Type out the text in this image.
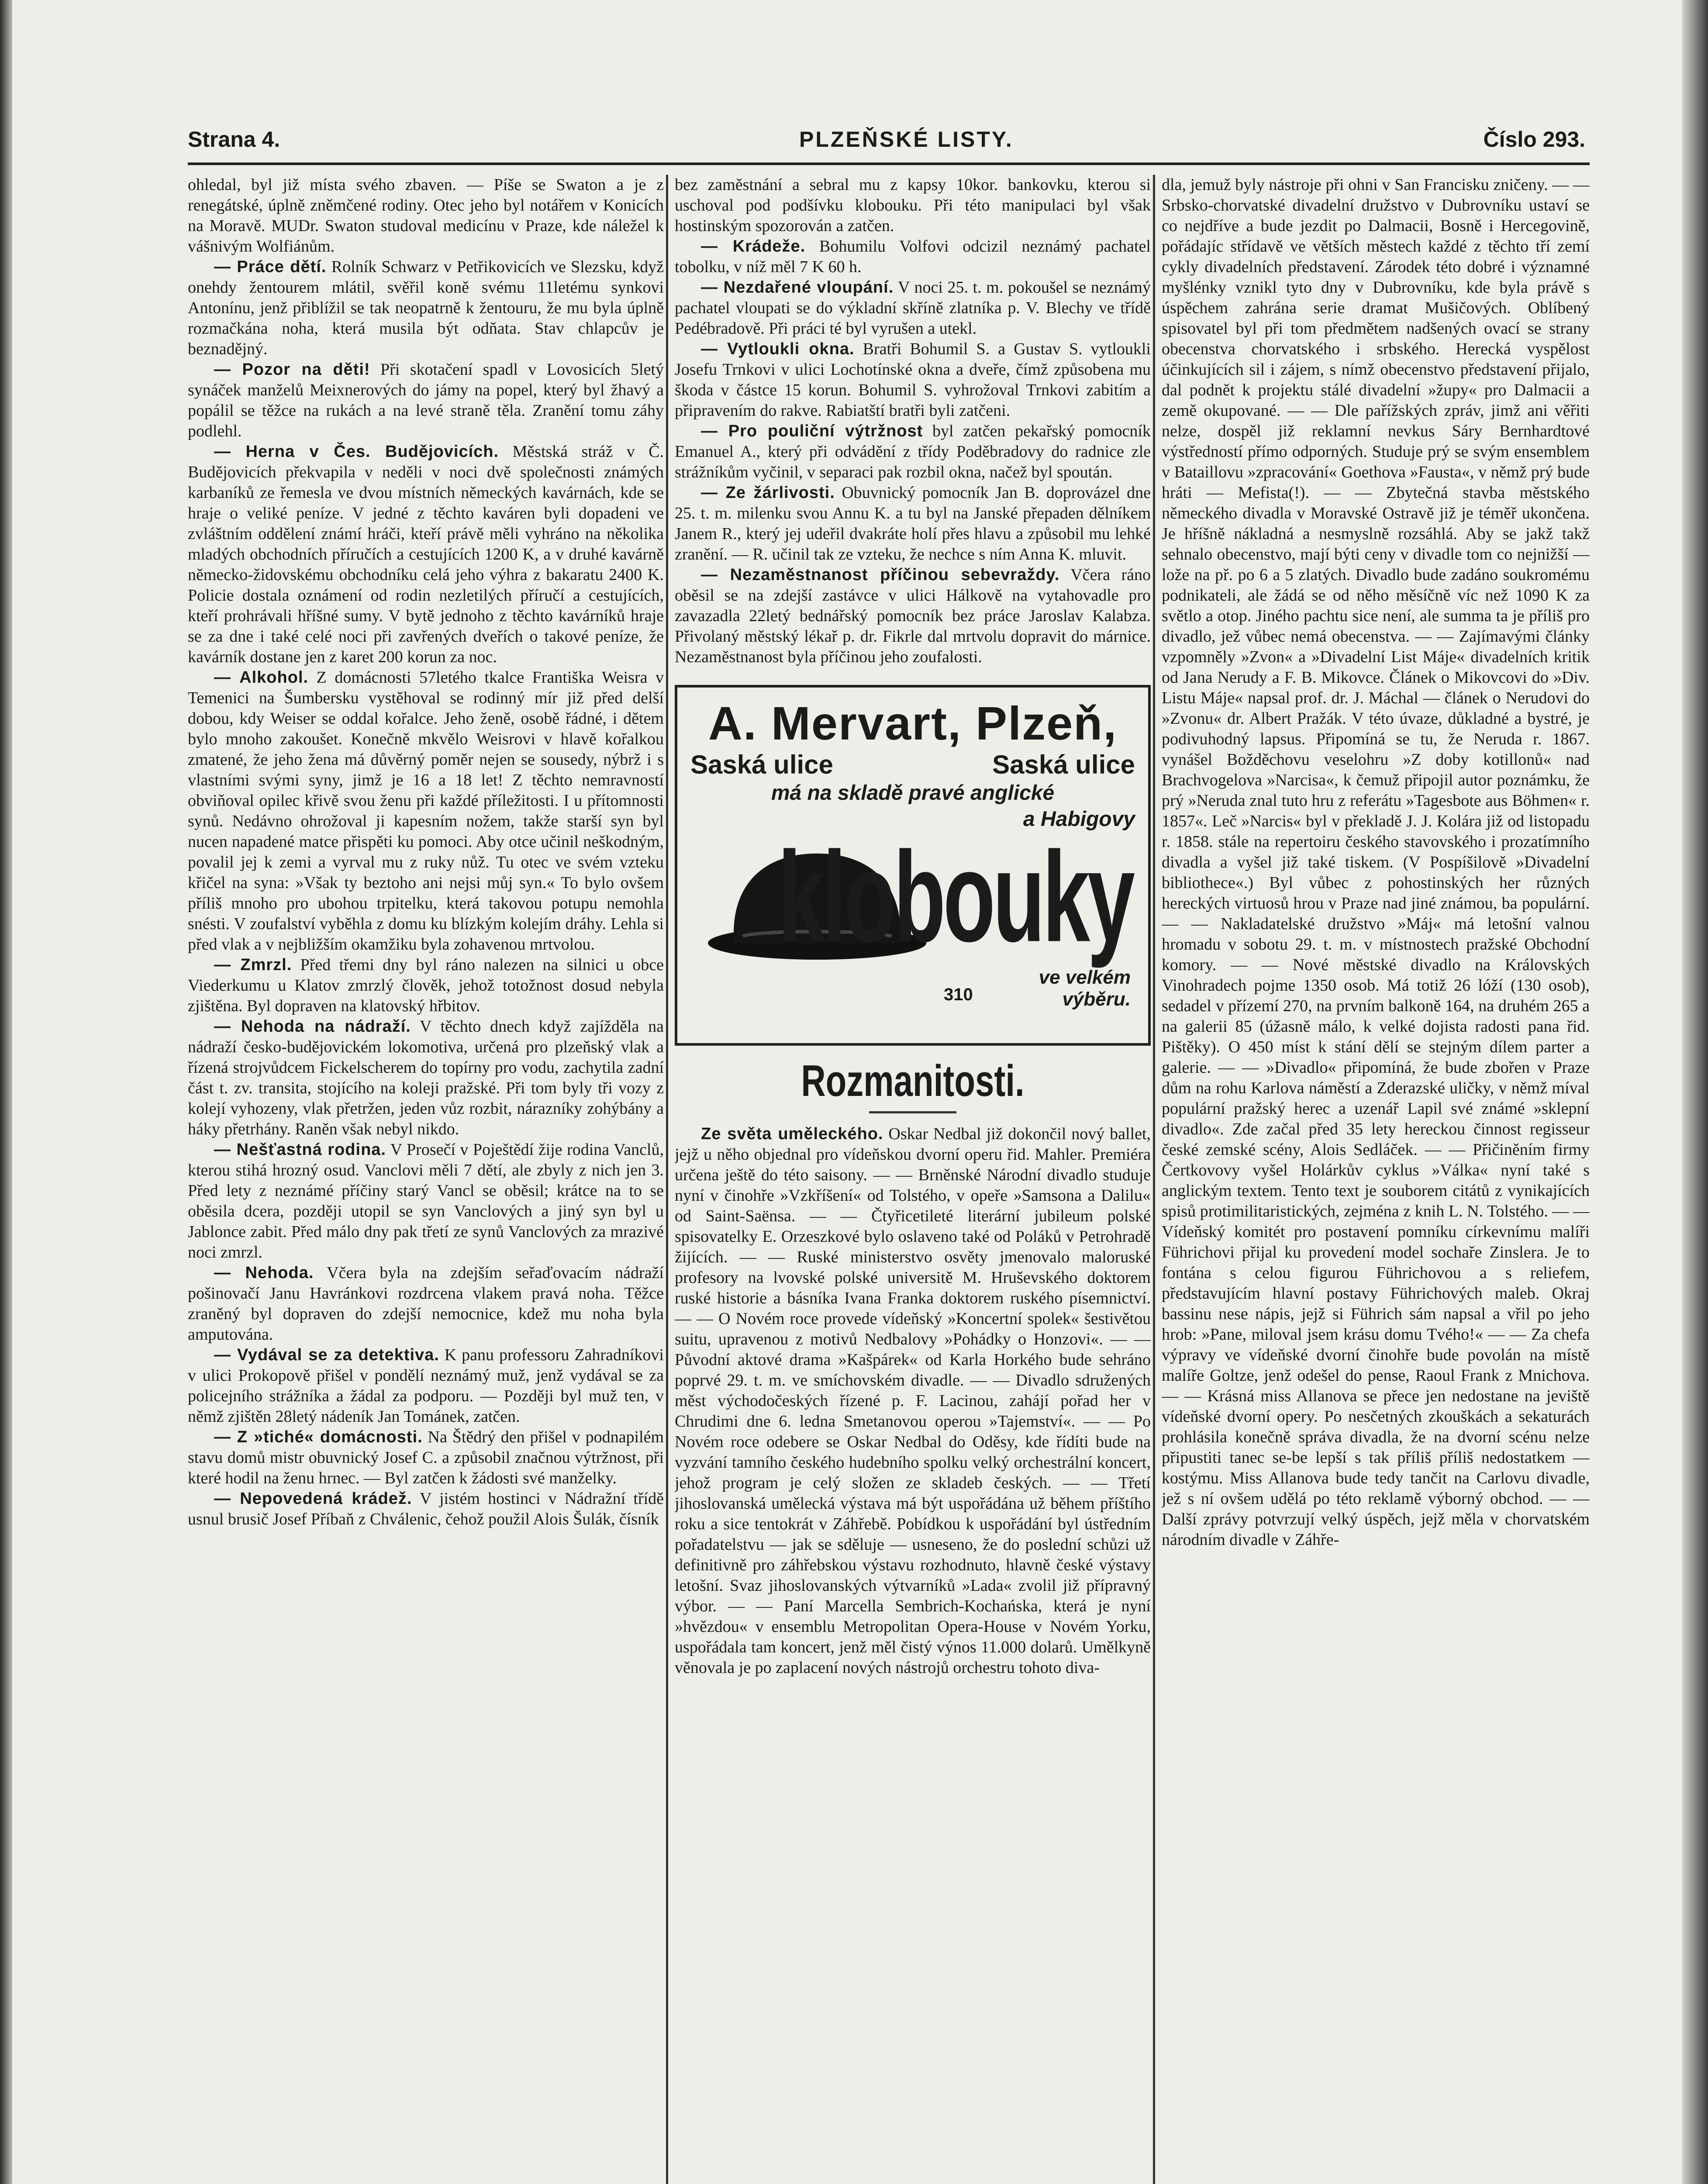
Strana 4.	PLZEŇSKÉ LISTY.	Číslo 293.

ohledal, byl již místa svého zbaven. — Píše se Swaton a je z renegátské, úplně zněmčené rodiny. Otec jeho byl notářem v Konicích na Moravě. MUDr. Swaton studoval medicínu v Praze, kde náležel k vášnivým Wolfiánům.

— Práce dětí. Rolník Schwarz v Petřikovicích ve Slezsku, když onehdy žentourem mlátil, svěřil koně svému 11letému synkovi Antonínu, jenž přiblížil se tak neopatrně k žentouru, že mu byla úplně rozmačkána noha, která musila být odňata. Stav chlapcův je beznadějný.

— Pozor na děti! Při skotačení spadl v Lovosicích 5letý synáček manželů Meixnerových do jámy na popel, který byl žhavý a popálil se těžce na rukách a na levé straně těla. Zranění tomu záhy podlehl.

— Herna v Čes. Budějovicích. Městská stráž v Č. Budějovicích překvapila v neděli v noci dvě společnosti známých karbaníků ze řemesla ve dvou místních německých kavárnách, kde se hraje o veliké peníze. V jedné z těchto kaváren byli dopadeni ve zvláštním oddělení známí hráči, kteří právě měli vyhráno na několika mladých obchodních příručích a cestujících 1200 K, a v druhé kavárně německo-židovskému obchodníku celá jeho výhra z bakaratu 2400 K. Policie dostala oznámení od rodin nezletilých příručí a cestujících, kteří prohrávali hříšné sumy. V bytě jednoho z těchto kavárníků hraje se za dne i také celé noci při zavřených dveřích o takové peníze, že kavárník dostane jen z karet 200 korun za noc.

— Alkohol. Z domácnosti 57letého tkalce Františka Weisra v Temenici na Šumbersku vystěhoval se rodinný mír již před delší dobou, kdy Weiser se oddal kořalce. Jeho ženě, osobě řádné, i dětem bylo mnoho zakoušet. Konečně mkvělo Weisrovi v hlavě kořalkou zmatené, že jeho žena má důvěrný poměr nejen se sousedy, nýbrž i s vlastními svými syny, jimž je 16 a 18 let! Z těchto nemravností obviňoval opilec křivě svou ženu při každé příležitosti. I u přítomnosti synů. Nedávno ohrožoval ji kapesním nožem, takže starší syn byl nucen napadené matce přispěti ku pomoci. Aby otce učinil neškodným, povalil jej k zemi a vyrval mu z ruky nůž. Tu otec ve svém vzteku křičel na syna: »Však ty beztoho ani nejsi můj syn.« To bylo ovšem příliš mnoho pro ubohou trpitelku, která takovou potupu nemohla snésti. V zoufalství vyběhla z domu ku blízkým kolejím dráhy. Lehla si před vlak a v nejbližším okamžiku byla zohavenou mrtvolou.

— Zmrzl. Před třemi dny byl ráno nalezen na silnici u obce Viederkumu u Klatov zmrzlý člověk, jehož totožnost dosud nebyla zjištěna. Byl dopraven na klatovský hřbitov.

— Nehoda na nádraží. V těchto dnech když zajížděla na nádraží česko-budějovickém lokomotiva, určená pro plzeňský vlak a řízená strojvůdcem Fickelscherem do topírny pro vodu, zachytila zadní část t. zv. transita, stojícího na koleji pražské. Při tom byly tři vozy z kolejí vyhozeny, vlak přetržen, jeden vůz rozbit, nárazníky zohýbány a háky přetrhány. Raněn však nebyl nikdo.

— Nešťastná rodina. V Prosečí v Poještědí žije rodina Vanclů, kterou stihá hrozný osud. Vanclovi měli 7 dětí, ale zbyly z nich jen 3. Před lety z neznámé příčiny starý Vancl se oběsil; krátce na to se oběsila dcera, později utopil se syn Vanclových a jiný syn byl u Jablonce zabit. Před málo dny pak třetí ze synů Vanclových za mrazivé noci zmrzl.

— Nehoda. Včera byla na zdejším seřaďovacím nádraží pošinovačí Janu Havránkovi rozdrcena vlakem pravá noha. Těžce zraněný byl dopraven do zdejší nemocnice, kdež mu noha byla amputována.

— Vydával se za detektiva. K panu professoru Zahradníkovi v ulici Prokopově přišel v pondělí neznámý muž, jenž vydával se za policejního strážníka a žádal za podporu. — Později byl muž ten, v němž zjištěn 28letý nádeník Jan Tománek, zatčen.

— Z »tiché« domácnosti. Na Štědrý den přišel v podnapilém stavu domů mistr obuvnický Josef C. a způsobil značnou výtržnost, při které hodil na ženu hrnec. — Byl zatčen k žádosti své manželky.

— Nepovedená krádež. V jistém hostinci v Nádražní třídě usnul brusič Josef Příbaň z Chválenic, čehož použil Alois Šulák, čísník

bez zaměstnání a sebral mu z kapsy 10kor. bankovku, kterou si uschoval pod podšívku klobouku. Při této manipulaci byl však hostinským spozorován a zatčen.

— Krádeže. Bohumilu Volfovi odcizil neznámý pachatel tobolku, v níž měl 7 K 60 h.

— Nezdařené vloupání. V noci 25. t. m. pokoušel se neznámý pachatel vloupati se do výkladní skříně zlatníka p. V. Blechy ve třídě Pedébradově. Při práci té byl vyrušen a utekl.

— Vytloukli okna. Bratři Bohumil S. a Gustav S. vytloukli Josefu Trnkovi v ulici Lochotínské okna a dveře, čímž způsobena mu škoda v částce 15 korun. Bohumil S. vyhrožoval Trnkovi zabitím a připravením do rakve. Rabiatští bratři byli zatčeni.

— Pro pouliční výtržnost byl zatčen pekařský pomocník Emanuel A., který při odvádění z třídy Poděbradovy do radnice zle strážníkům vyčinil, v separaci pak rozbil okna, načež byl spoután.

— Ze žárlivosti. Obuvnický pomocník Jan B. doprovázel dne 25. t. m. milenku svou Annu K. a tu byl na Janské přepaden dělníkem Janem R., který jej udeřil dvakráte holí přes hlavu a způsobil mu lehké zranění. — R. učinil tak ze vzteku, že nechce s ním Anna K. mluvit.

— Nezaměstnanost příčinou sebevraždy. Včera ráno oběsil se na zdejší zastávce v ulici Hálkově na vytahovadle pro zavazadla 22letý bednářský pomocník bez práce Jaroslav Kalabza. Přivolaný městský lékař p. dr. Fikrle dal mrtvolu dopravit do márnice. Nezaměstnanost byla příčinou jeho zoufalosti.

A. Mervart, Plzeň,
Saská ulice	Saská ulice
má na skladě pravé anglické
a Habigovy
klobouky
310
ve velkém
výběru.
Rozmanitosti.

Ze světa uměleckého. Oskar Nedbal již dokončil nový ballet, jejž u něho objednal pro vídeňskou dvorní operu řid. Mahler. Premiéra určena ještě do této saisony. — — Brněnské Národní divadlo studuje nyní v činohře »Vzkříšení« od Tolstého, v opeře »Samsona a Dalilu« od Saint-Saënsa. — — Čtyřicetileté literární jubileum polské spisovatelky E. Orzeszkové bylo oslaveno také od Poláků v Petrohradě žijících. — — Ruské ministerstvo osvěty jmenovalo maloruské profesory na lvovské polské universitě M. Hruševského doktorem ruské historie a básníka Ivana Franka doktorem ruského písemnictví. — — O Novém roce provede vídeňský »Koncertní spolek« šestivětou suitu, upravenou z motivů Nedbalovy »Pohádky o Honzovi«. — — Původní aktové drama »Kašpárek« od Karla Horkého bude sehráno poprvé 29. t. m. ve smíchovském divadle. — — Divadlo sdružených měst východočeských řízené p. F. Lacinou, zahájí pořad her v Chrudimi dne 6. ledna Smetanovou operou »Tajemství«. — — Po Novém roce odebere se Oskar Nedbal do Oděsy, kde řídíti bude na vyzvání tamního českého hudebního spolku velký orchestrální koncert, jehož program je celý složen ze skladeb českých. — — Třetí jihoslovanská umělecká výstava má být uspořádána už během příštího roku a sice tentokrát v Záhřebě. Pobídkou k uspořádání byl ústředním pořadatelstvu — jak se sděluje — usneseno, že do poslední schůzi už definitivně pro záhřebskou výstavu rozhodnuto, hlavně české výstavy letošní. Svaz jihoslovanských výtvarníků »Lada« zvolil již přípravný výbor. — — Paní Marcella Sembrich-Kochańska, která je nyní »hvězdou« v ensemblu Metropolitan Opera-House v Novém Yorku, uspořádala tam koncert, jenž měl čistý výnos 11.000 dolarů. Umělkyně věnovala je po zaplacení nových nástrojů orchestru tohoto diva-

dla, jemuž byly nástroje při ohni v San Francisku zničeny. — — Srbsko-chorvatské divadelní družstvo v Dubrovníku ustaví se co nejdříve a bude jezdit po Dalmacii, Bosně i Hercegovině, pořádajíc střídavě ve větších městech každé z těchto tří zemí cykly divadelních představení. Zárodek této dobré i významné myšlénky vznikl tyto dny v Dubrovníku, kde byla právě s úspěchem zahrána serie dramat Mušičových. Oblíbený spisovatel byl při tom předmětem nadšených ovací se strany obecenstva chorvatského i srbského. Herecká vyspělost účinkujících sil i zájem, s nímž obecenstvo představení přijalo, dal podnět k projektu stálé divadelní »župy« pro Dalmacii a země okupované. — — Dle pařížských zpráv, jimž ani věřiti nelze, dospěl již reklamní nevkus Sáry Bernhardtové výstředností přímo odporných. Studuje prý se svým ensemblem v Bataillovu »zpracování« Goethova »Fausta«, v němž prý bude hráti — Mefista(!). — — Zbytečná stavba městského německého divadla v Moravské Ostravě již je téměř ukončena. Je hříšně nákladná a nesmyslně rozsáhlá. Aby se jakž takž sehnalo obecenstvo, mají býti ceny v divadle tom co nejnižší — lože na př. po 6 a 5 zlatých. Divadlo bude zadáno soukromému podnikateli, ale žádá se od něho měsíčně víc než 1090 K za světlo a otop. Jiného pachtu sice není, ale summa ta je příliš pro divadlo, jež vůbec nemá obecenstva. — — Zajímavými články vzpomněly »Zvon« a »Divadelní List Máje« divadelních kritik od Jana Nerudy a F. B. Mikovce. Článek o Mikovcovi do »Div. Listu Máje« napsal prof. dr. J. Máchal — článek o Nerudovi do »Zvonu« dr. Albert Pražák. V této úvaze, důkladné a bystré, je podivuhodný lapsus. Připomíná se tu, že Neruda r. 1867. vynášel Božděchovu veselohru »Z doby kotillonů« nad Brachvogelova »Narcisa«, k čemuž připojil autor poznámku, že prý »Neruda znal tuto hru z referátu »Tagesbote aus Böhmen« r. 1857«. Leč »Narcis« byl v překladě J. J. Kolára již od listopadu r. 1858. stále na repertoiru českého stavovského i prozatímního divadla a vyšel již také tiskem. (V Pospíšilově »Divadelní bibliothece«.) Byl vůbec z pohostinských her různých hereckých virtuosů hrou v Praze nad jiné známou, ba populární. — — Nakladatelské družstvo »Máj« má letošní valnou hromadu v sobotu 29. t. m. v místnostech pražské Obchodní komory. — — Nové městské divadlo na Královských Vinohradech pojme 1350 osob. Má totiž 26 lóží (130 osob), sedadel v přízemí 270, na prvním balkoně 164, na druhém 265 a na galerii 85 (úžasně málo, k velké dojista radosti pana řid. Pištěky). O 450 míst k stání dělí se stejným dílem parter a galerie. — — »Divadlo« připomíná, že bude zbořen v Praze dům na rohu Karlova náměstí a Zderazské uličky, v němž míval populární pražský herec a uzenář Lapil své známé »sklepní divadlo«. Zde začal před 35 lety hereckou činnost regisseur české zemské scény, Alois Sedláček. — — Přičiněním firmy Čertkovovy vyšel Holárkův cyklus »Válka« nyní také s anglickým textem. Tento text je souborem citátů z vynikajících spisů protimilitaristických, zejména z knih L. N. Tolstého. — — Vídeňský komitét pro postavení pomníku církevnímu malíři Führichovi přijal ku provedení model sochaře Zinslera. Je to fontána s celou figurou Führichovou a s reliefem, představujícím hlavní postavy Führichových maleb. Okraj bassinu nese nápis, jejž si Führich sám napsal a vřil po jeho hrob: »Pane, miloval jsem krásu domu Tvého!« — — Za chefa výpravy ve vídeňské dvorní činohře bude povolán na místě malíře Goltze, jenž odešel do pense, Raoul Frank z Mnichova. — — Krásná miss Allanova se přece jen nedostane na jeviště vídeňské dvorní opery. Po nesčetných zkouškách a sekaturách prohlásila konečně správa divadla, že na dvorní scénu nelze připustiti tanec se-be lepší s tak příliš příliš nedostatkem — kostýmu. Miss Allanova bude tedy tančit na Carlovu divadle, jež s ní ovšem udělá po této reklamě výborný obchod. — — Další zprávy potvrzují velký úspěch, jejž měla v chorvatském národním divadle v Záhře-
